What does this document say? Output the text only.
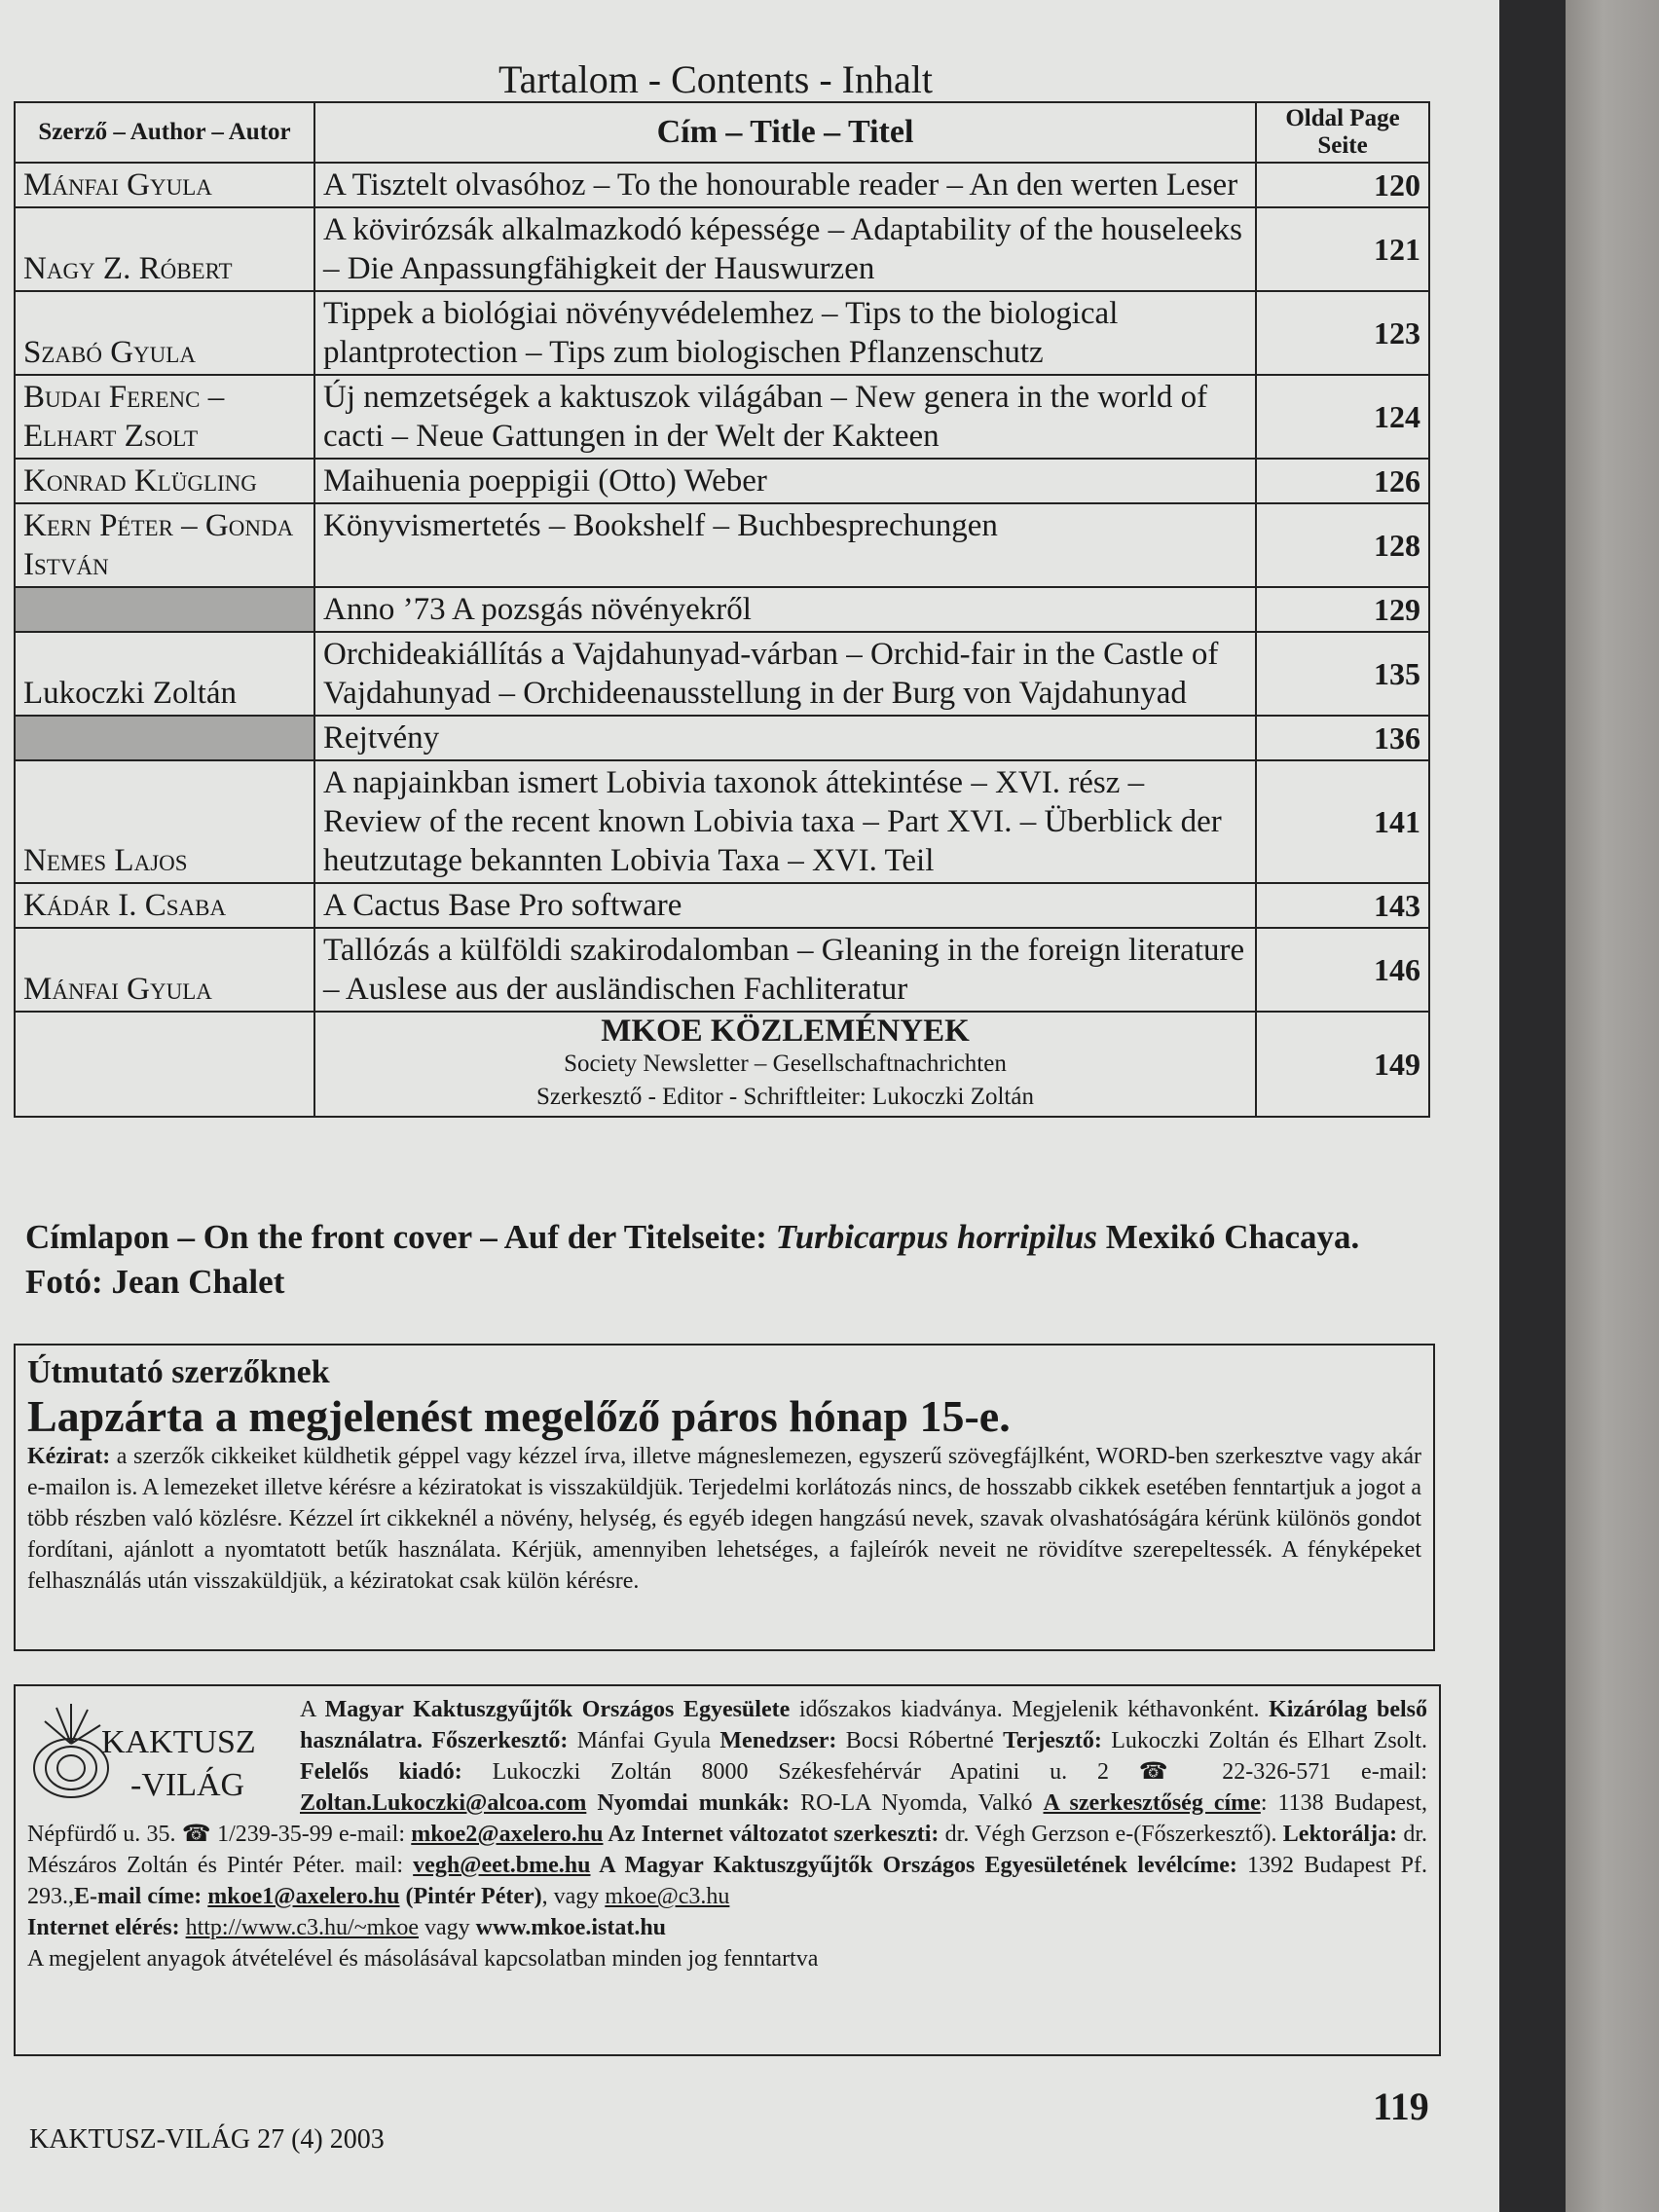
Tartalom - Contents - Inhalt
Szerző – Author – Autor	Cím – Title – Titel	Oldal Page Seite
Mánfai Gyula	A Tisztelt olvasóhoz – To the honourable reader – An den werten Leser	120
Nagy Z. Róbert	A kövirózsák alkalmazkodó képessége – Adaptability of the houseleeks – Die Anpassungfähigkeit der Hauswurzen	121
Szabó Gyula	Tippek a biológiai növényvédelemhez – Tips to the biological plantprotection – Tips zum biologischen Pflanzenschutz	123
Budai Ferenc – Elhart Zsolt	Új nemzetségek a kaktuszok világában – New genera in the world of cacti – Neue Gattungen in der Welt der Kakteen	124
Konrad Klügling	Maihuenia poeppigii (Otto) Weber	126
Kern Péter – Gonda István	Könyvismertetés – Bookshelf – Buchbesprechungen	128
	Anno ’73 A pozsgás növényekről	129
Lukoczki Zoltán	Orchideakiállítás a Vajdahunyad-várban – Orchid-fair in the Castle of Vajdahunyad – Orchideenausstellung in der Burg von Vajdahunyad	135
	Rejtvény	136
Nemes Lajos	A napjainkban ismert Lobivia taxonok áttekintése – XVI. rész – Review of the recent known Lobivia taxa – Part XVI. – Überblick der heutzutage bekannten Lobivia Taxa – XVI. Teil	141
Kádár I. Csaba	A Cactus Base Pro software	143
Mánfai Gyula	Tallózás a külföldi szakirodalomban – Gleaning in the foreign literature – Auslese aus der ausländischen Fachliteratur	146

	MKOE KÖZLEMÉNYEK
Society Newsletter – Gesellschaftnachrichten
Szerkesztő - Editor - Schriftleiter: Lukoczki Zoltán	149
Címlapon – On the front cover – Auf der Titelseite: Turbicarpus horripilus Mexikó Chacaya. Fotó: Jean Chalet
Útmutató szerzőknek
Lapzárta a megjelenést megelőző páros hónap 15-e.
Kézirat: a szerzők cikkeiket küldhetik géppel vagy kézzel írva, illetve mágneslemezen, egyszerű szövegfájlként, WORD-ben szerkesztve vagy akár e-mailon is. A lemezeket illetve kérésre a kéziratokat is visszaküldjük. Terjedelmi korlátozás nincs, de hosszabb cikkek esetében fenntartjuk a jogot a több részben való közlésre. Kézzel írt cikkeknél a növény, helység, és egyéb idegen hangzású nevek, szavak olvashatóságára kérünk különös gondot fordítani, ajánlott a nyomtatott betűk használata. Kérjük, amennyiben lehetséges, a fajleírók neveit ne rövidítve szerepeltessék. A fényképeket felhasználás után visszaküldjük, a kéziratokat csak külön kérésre.
KAKTUSZ
-VILÁG
A Magyar Kaktuszgyűjtők Országos Egyesülete időszakos kiadványa. Megjelenik kéthavonként. Kizárólag belső használatra. Főszerkesztő: Mánfai Gyula Menedzser: Bocsi Róbertné Terjesztő: Lukoczki Zoltán és Elhart Zsolt. Felelős kiadó: Lukoczki Zoltán 8000 Székesfehérvár Apatini u. 2 ☎ 22-326-571 e-mail: Zoltan.Lukoczki@alcoa.com Nyomdai munkák: RO-LA Nyomda, Valkó A szerkesztőség címe: 1138 Budapest, Népfürdő u. 35. ☎ 1/239-35-99 e-mail: mkoe2@axelero.hu Az Internet változatot szerkeszti: dr. Végh Gerzson e-(Főszerkesztő). Lektorálja: dr. Mészáros Zoltán és Pintér Péter. mail: vegh@eet.bme.hu A Magyar Kaktuszgyűjtők Országos Egyesületének levélcíme: 1392 Budapest Pf. 293.,E-mail címe: mkoe1@axelero.hu (Pintér Péter), vagy mkoe@c3.hu
Internet elérés: http://www.c3.hu/~mkoe vagy www.mkoe.istat.hu
A megjelent anyagok átvételével és másolásával kapcsolatban minden jog fenntartva
KAKTUSZ-VILÁG 27 (4) 2003
119
